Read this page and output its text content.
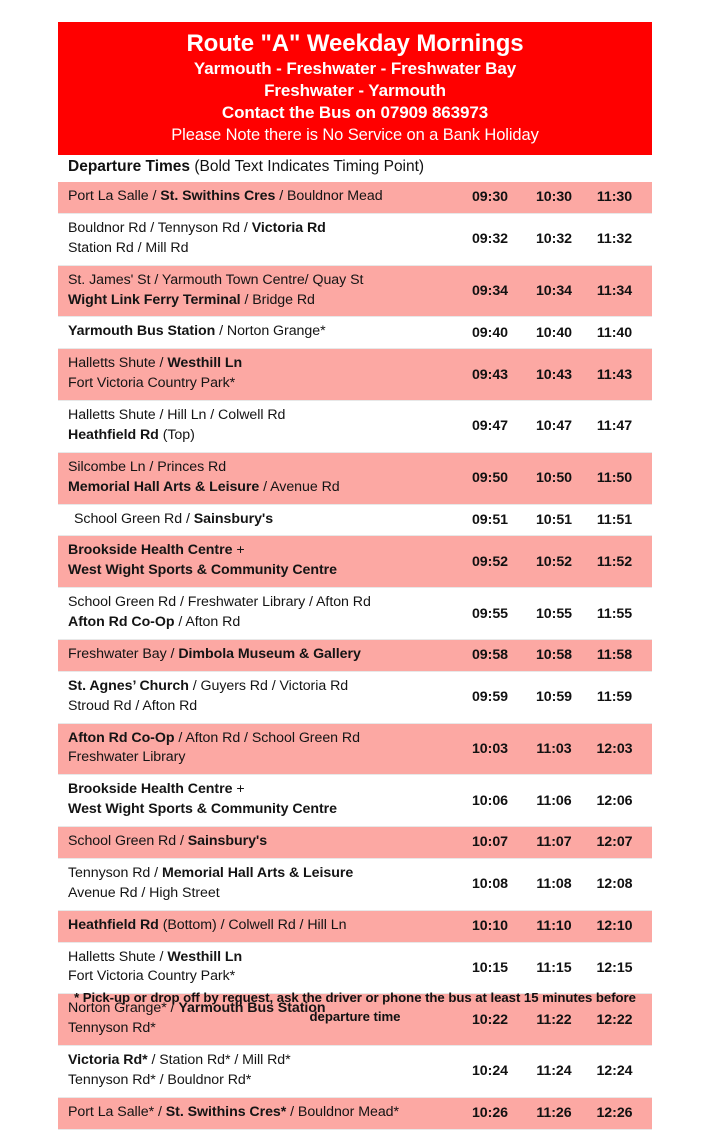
Route "A" Weekday Mornings
Yarmouth - Freshwater - Freshwater Bay
Freshwater - Yarmouth
Contact the Bus on 07909 863973
Please Note there is No Service on a Bank Holiday
Departure Times (Bold Text Indicates Timing Point)
Port La Salle / St. Swithins Cres / Bouldnor Mead	09:30	10:30	11:30

Bouldnor Rd / Tennyson Rd / Victoria Rd
Station Rd / Mill Rd	09:32	10:32	11:32

St. James' St / Yarmouth Town Centre/ Quay St
Wight Link Ferry Terminal / Bridge Rd	09:34	10:34	11:34

Yarmouth Bus Station / Norton Grange*	09:40	10:40	11:40

Halletts Shute / Westhill Ln
Fort Victoria Country Park*	09:43	10:43	11:43

Halletts Shute / Hill Ln / Colwell Rd
Heathfield Rd (Top)	09:47	10:47	11:47

Silcombe Ln / Princes Rd
Memorial Hall Arts & Leisure / Avenue Rd	09:50	10:50	11:50

School Green Rd / Sainsbury's	09:51	10:51	11:51

Brookside Health Centre +
West Wight Sports & Community Centre	09:52	10:52	11:52

School Green Rd / Freshwater Library / Afton Rd
Afton Rd Co-Op / Afton Rd	09:55	10:55	11:55

Freshwater Bay / Dimbola Museum & Gallery	09:58	10:58	11:58

St. Agnes’ Church / Guyers Rd / Victoria Rd
Stroud Rd / Afton Rd	09:59	10:59	11:59

Afton Rd Co-Op / Afton Rd / School Green Rd
Freshwater Library	10:03	11:03	12:03

Brookside Health Centre +
West Wight Sports & Community Centre	10:06	11:06	12:06

School Green Rd / Sainsbury's	10:07	11:07	12:07

Tennyson Rd / Memorial Hall Arts & Leisure
Avenue Rd / High Street	10:08	11:08	12:08

Heathfield Rd (Bottom) / Colwell Rd / Hill Ln	10:10	11:10	12:10

Halletts Shute / Westhill Ln
Fort Victoria Country Park*	10:15	11:15	12:15

Norton Grange* / Yarmouth Bus Station
Tennyson Rd*	10:22	11:22	12:22

Victoria Rd* / Station Rd* / Mill Rd*
Tennyson Rd* / Bouldnor Rd*	10:24	11:24	12:24

Port La Salle* / St. Swithins Cres* / Bouldnor Mead*	10:26	11:26	12:26
* Pick-up or drop off by request, ask the driver or phone the bus at least 15 minutes before
departure time
